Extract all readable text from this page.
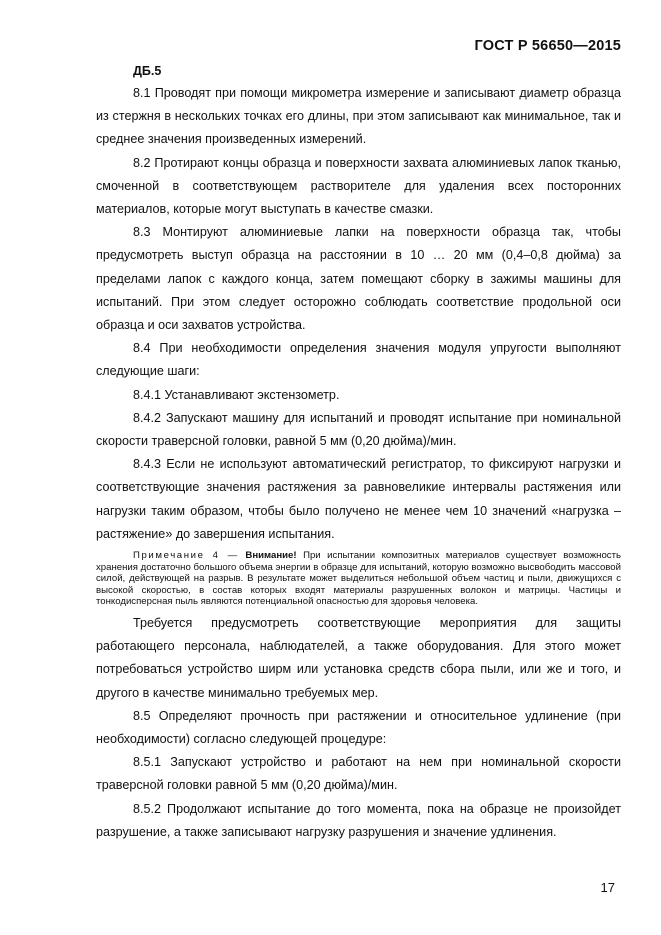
ГОСТ Р 56650—2015
ДБ.5

8.1 Проводят при помощи микрометра измерение и записывают диаметр образца из стержня в нескольких точках его длины, при этом записывают как минимальное, так и среднее значения произведенных измерений.

8.2 Протирают концы образца и поверхности захвата алюминиевых лапок тканью, смоченной в соответствующем растворителе для удаления всех посторонних материалов, которые могут выступать в качестве смазки.

8.3 Монтируют алюминиевые лапки на поверхности образца так, чтобы предусмотреть выступ образца на расстоянии в 10 … 20 мм (0,4–0,8 дюйма) за пределами лапок с каждого конца, затем помещают сборку в зажимы машины для испытаний. При этом следует осторожно соблюдать соответствие продольной оси образца и оси захватов устройства.

8.4 При необходимости определения значения модуля упругости выполняют следующие шаги:

8.4.1 Устанавливают экстензометр.

8.4.2 Запускают машину для испытаний и проводят испытание при номинальной скорости траверсной головки, равной 5 мм (0,20 дюйма)/мин.

8.4.3 Если не используют автоматический регистратор, то фиксируют нагрузки и соответствующие значения растяжения за равновеликие интервалы растяжения или нагрузки таким образом, чтобы было получено не менее чем 10 значений «нагрузка – растяжение» до завершения испытания.

Примечание 4 — Внимание! При испытании композитных материалов существует возможность хранения достаточно большого объема энергии в образце для испытаний, которую возможно высвободить массовой силой, действующей на разрыв. В результате может выделиться небольшой объем частиц и пыли, движущихся с высокой скоростью, в состав которых входят материалы разрушенных волокон и матрицы. Частицы и тонкодисперсная пыль являются потенциальной опасностью для здоровья человека.

Требуется предусмотреть соответствующие мероприятия для защиты работающего персонала, наблюдателей, а также оборудования. Для этого может потребоваться устройство ширм или установка средств сбора пыли, или же и того, и другого в качестве минимально требуемых мер.

8.5 Определяют прочность при растяжении и относительное удлинение (при необходимости) согласно следующей процедуре:

8.5.1 Запускают устройство и работают на нем при номинальной скорости траверсной головки равной 5 мм (0,20 дюйма)/мин.

8.5.2 Продолжают испытание до того момента, пока на образце не произойдет разрушение, а также записывают нагрузку разрушения и значение удлинения.

17
